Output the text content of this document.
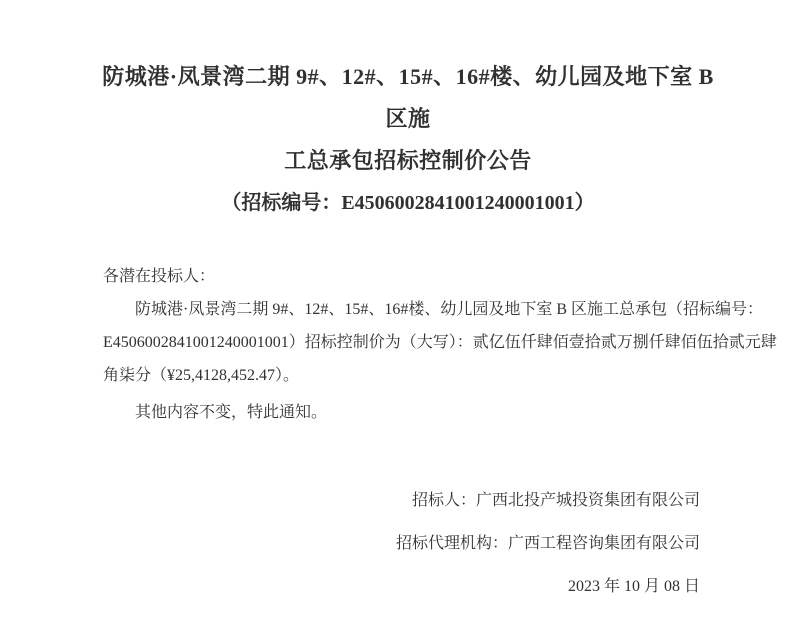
防城港·凤景湾二期 9#、12#、15#、16#楼、幼儿园及地下室 B 区施
工总承包招标控制价公告
（招标编号：E4506002841001240001001）

各潜在投标人：

防城港·凤景湾二期 9#、12#、15#、16#楼、幼儿园及地下室 B 区施工总承包（招标编号：

E4506002841001240001001）招标控制价为（大写）：贰亿伍仟肆佰壹拾贰万捌仟肆佰伍拾贰元肆

角柒分（¥25,4128,452.47）。

其他内容不变，特此通知。

招标人：广西北投产城投资集团有限公司

招标代理机构：广西工程咨询集团有限公司

2023 年 10 月 08 日
